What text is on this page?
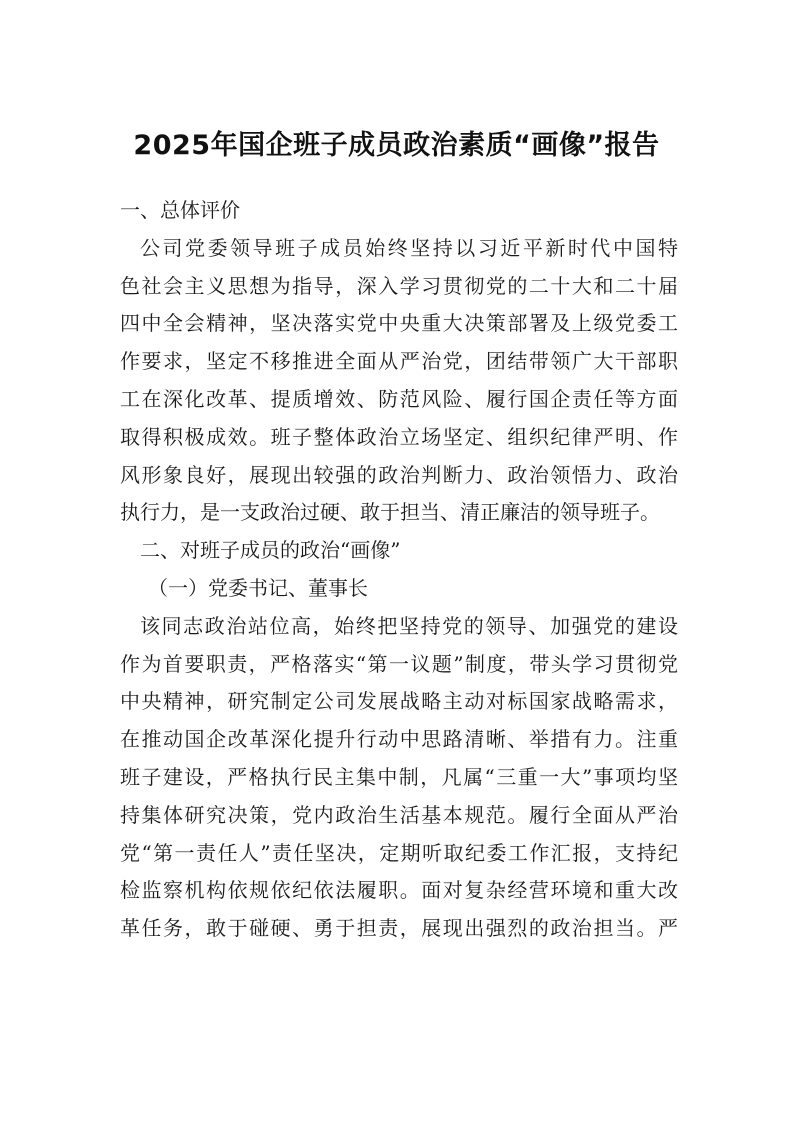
2025年国企班子成员政治素质“画像”报告
一、总体评价
公司党委领导班子成员始终坚持以习近平新时代中国特
色社会主义思想为指导，深入学习贯彻党的二十大和二十届
四中全会精神，坚决落实党中央重大决策部署及上级党委工
作要求，坚定不移推进全面从严治党，团结带领广大干部职
工在深化改革、提质增效、防范风险、履行国企责任等方面
取得积极成效。班子整体政治立场坚定、组织纪律严明、作
风形象良好，展现出较强的政治判断力、政治领悟力、政治
执行力，是一支政治过硬、敢于担当、清正廉洁的领导班子。
二、对班子成员的政治“画像”
（一）党委书记、董事长
该同志政治站位高，始终把坚持党的领导、加强党的建设
作为首要职责，严格落实“第一议题”制度，带头学习贯彻党
中央精神，研究制定公司发展战略主动对标国家战略需求，
在推动国企改革深化提升行动中思路清晰、举措有力。注重
班子建设，严格执行民主集中制，凡属“三重一大”事项均坚
持集体研究决策，党内政治生活基本规范。履行全面从严治
党“第一责任人”责任坚决，定期听取纪委工作汇报，支持纪
检监察机构依规依纪依法履职。面对复杂经营环境和重大改
革任务，敢于碰硬、勇于担责，展现出强烈的政治担当。严
